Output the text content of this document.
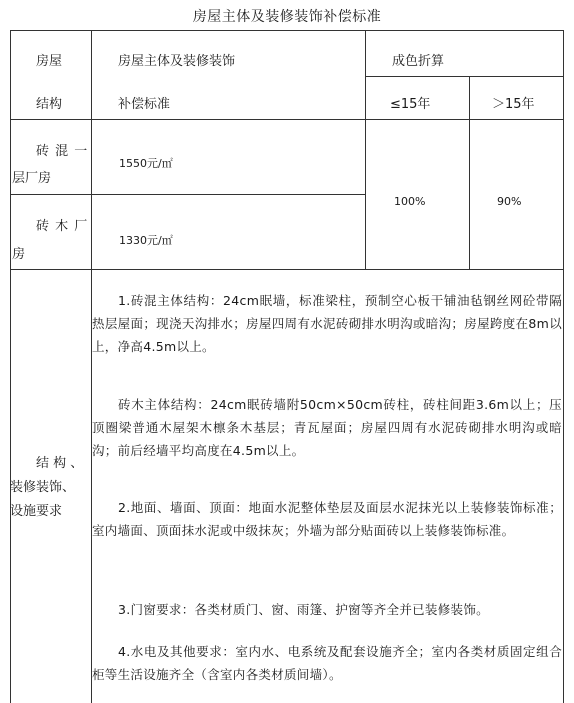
房屋主体及装修装饰补偿标准
房屋
结构
房屋主体及装修装饰
补偿标准
成色折算
≤15年	＞15年
砖 混 一
层厂房
1550元/㎡
砖 木 厂
房
1330元/㎡
100%	90%
结 构 、
装修装饰、
设施要求
1.砖混主体结构：24cm眠墙，标准梁柱，预制空心板干铺油毡钢丝网砼带隔热层屋面；现浇天沟排水；房屋四周有水泥砖砌排水明沟或暗沟；房屋跨度在8m以上，净高4.5m以上。
砖木主体结构：24cm眠砖墙附50cm×50cm砖柱，砖柱间距3.6m以上；压顶圈梁普通木屋架木檩条木基层；青瓦屋面；房屋四周有水泥砖砌排水明沟或暗沟；前后经墙平均高度在4.5m以上。
2.地面、墙面、顶面：地面水泥整体垫层及面层水泥抹光以上装修装饰标准；室内墙面、顶面抹水泥或中级抹灰；外墙为部分贴面砖以上装修装饰标准。
3.门窗要求：各类材质门、窗、雨篷、护窗等齐全并已装修装饰。
4.水电及其他要求：室内水、电系统及配套设施齐全；室内各类材质固定组合柜等生活设施齐全（含室内各类材质间墙）。
